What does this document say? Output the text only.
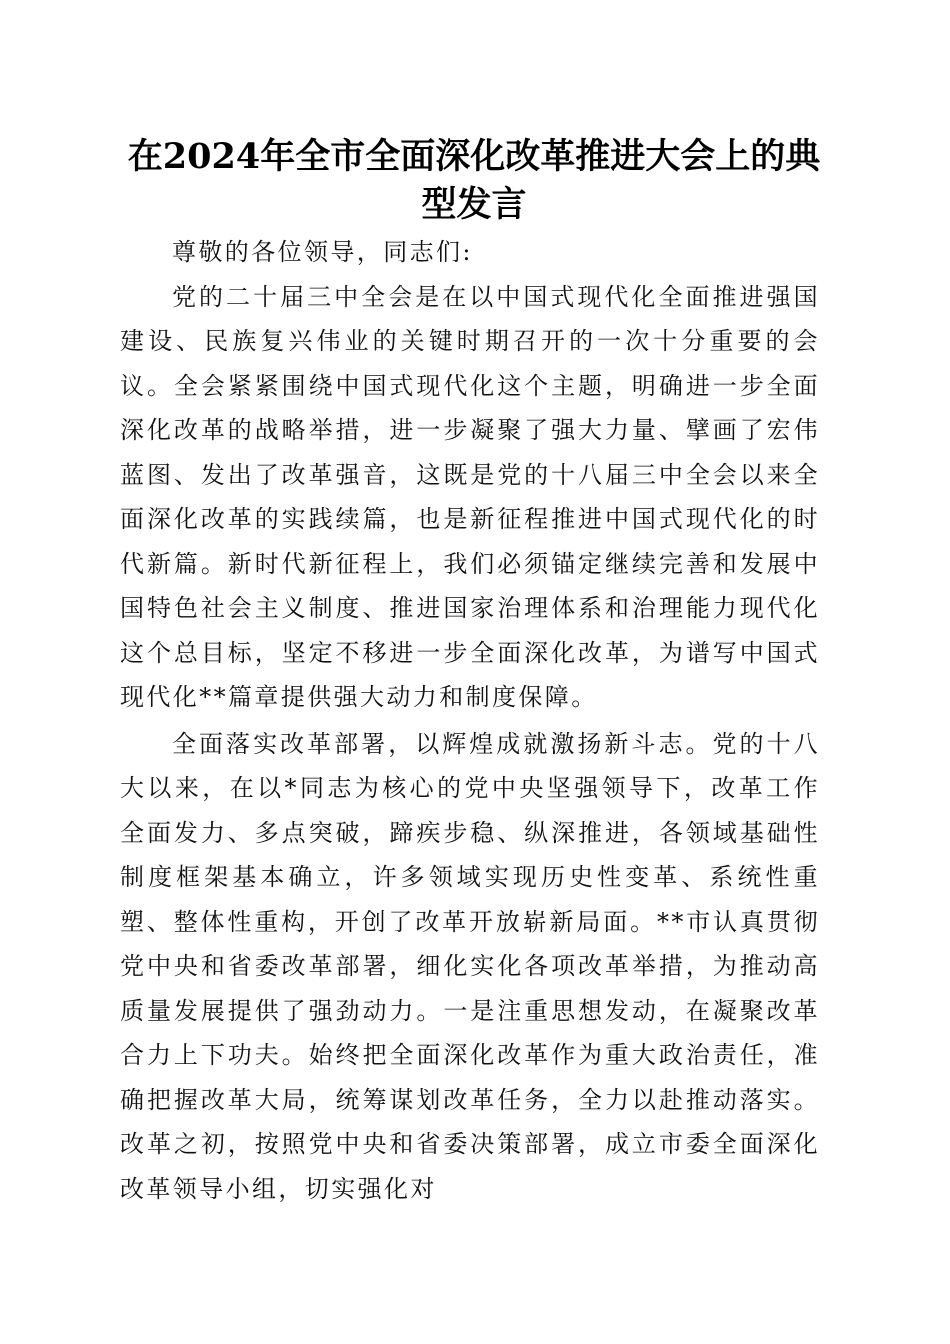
在2024年全市全面深化改革推进大会上的典型发言

尊敬的各位领导，同志们:

党的二十届三中全会是在以中国式现代化全面推进强国建设、民族复兴伟业的关键时期召开的一次十分重要的会议。全会紧紧围绕中国式现代化这个主题，明确进一步全面深化改革的战略举措，进一步凝聚了强大力量、擘画了宏伟蓝图、发出了改革强音，这既是党的十八届三中全会以来全面深化改革的实践续篇，也是新征程推进中国式现代化的时代新篇。新时代新征程上，我们必须锚定继续完善和发展中国特色社会主义制度、推进国家治理体系和治理能力现代化这个总目标，坚定不移进一步全面深化改革，为谱写中国式现代化**篇章提供强大动力和制度保障。

全面落实改革部署，以辉煌成就激扬新斗志。党的十八大以来，在以*同志为核心的党中央坚强领导下，改革工作全面发力、多点突破，蹄疾步稳、纵深推进，各领域基础性制度框架基本确立，许多领域实现历史性变革、系统性重塑、整体性重构，开创了改革开放崭新局面。**市认真贯彻党中央和省委改革部署，细化实化各项改革举措，为推动高质量发展提供了强劲动力。一是注重思想发动，在凝聚改革合力上下功夫。始终把全面深化改革作为重大政治责任，准确把握改革大局，统筹谋划改革任务，全力以赴推动落实。改革之初，按照党中央和省委决策部署，成立市委全面深化改革领导小组，切实强化对
